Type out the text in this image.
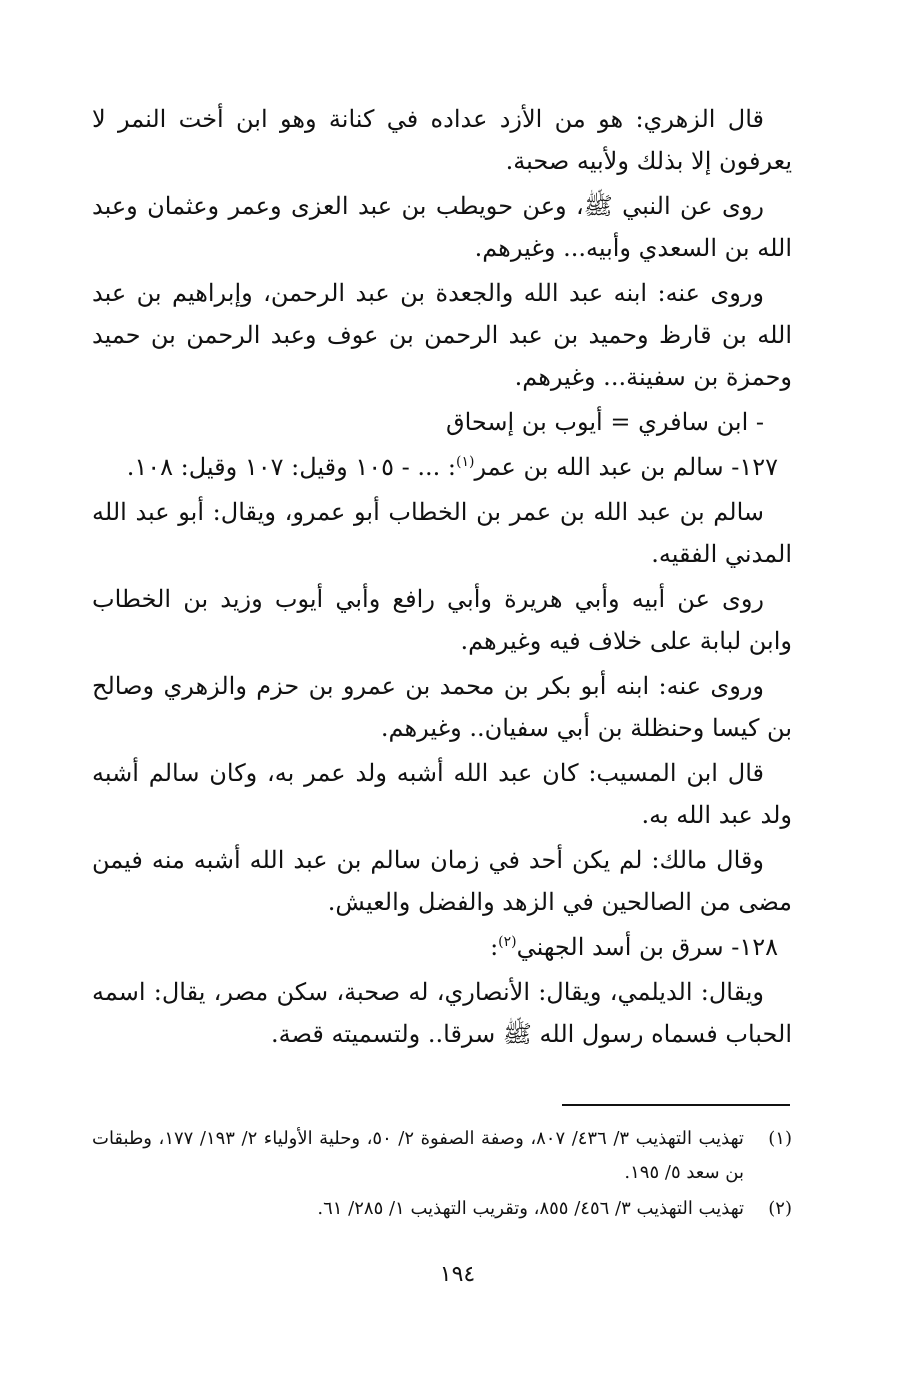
قال الزهري: هو من الأزد عداده في كنانة وهو ابن أخت النمر لا يعرفون إلا بذلك ولأبيه صحبة.

روى عن النبي ﷺ، وعن حويطب بن عبد العزى وعمر وعثمان وعبد الله بن السعدي وأبيه... وغيرهم.

وروى عنه: ابنه عبد الله والجعدة بن عبد الرحمن، وإبراهيم بن عبد الله بن قارظ وحميد بن عبد الرحمن بن عوف وعبد الرحمن بن حميد وحمزة بن سفينة... وغيرهم.

- ابن سافري = أيوب بن إسحاق

١٢٧- سالم بن عبد الله بن عمر$^{(١)}$: ... - ١٠٥ وقيل: ١٠٧ وقيل: ١٠٨.

سالم بن عبد الله بن عمر بن الخطاب أبو عمرو، ويقال: أبو عبد الله المدني الفقيه.

روى عن أبيه وأبي هريرة وأبي رافع وأبي أيوب وزيد بن الخطاب وابن لبابة على خلاف فيه وغيرهم.

وروى عنه: ابنه أبو بكر بن محمد بن عمرو بن حزم والزهري وصالح بن كيسا وحنظلة بن أبي سفيان.. وغيرهم.

قال ابن المسيب: كان عبد الله أشبه ولد عمر به، وكان سالم أشبه ولد عبد الله به.

وقال مالك: لم يكن أحد في زمان سالم بن عبد الله أشبه منه فيمن مضى من الصالحين في الزهد والفضل والعيش.

١٢٨- سرق بن أسد الجهني$^{(٢)}$:

ويقال: الديلمي، ويقال: الأنصاري، له صحبة، سكن مصر، يقال: اسمه الحباب فسماه رسول الله ﷺ سرقا.. ولتسميته قصة.

(١)
تهذيب التهذيب ٣/ ٤٣٦/ ٨٠٧، وصفة الصفوة ٢/ ٥٠، وحلية الأولياء ٢/ ١٩٣/ ١٧٧، وطبقات بن سعد ٥/ ١٩٥.
(٢)
تهذيب التهذيب ٣/ ٤٥٦/ ٨٥٥، وتقريب التهذيب ١/ ٢٨٥/ ٦١.
١٩٤
